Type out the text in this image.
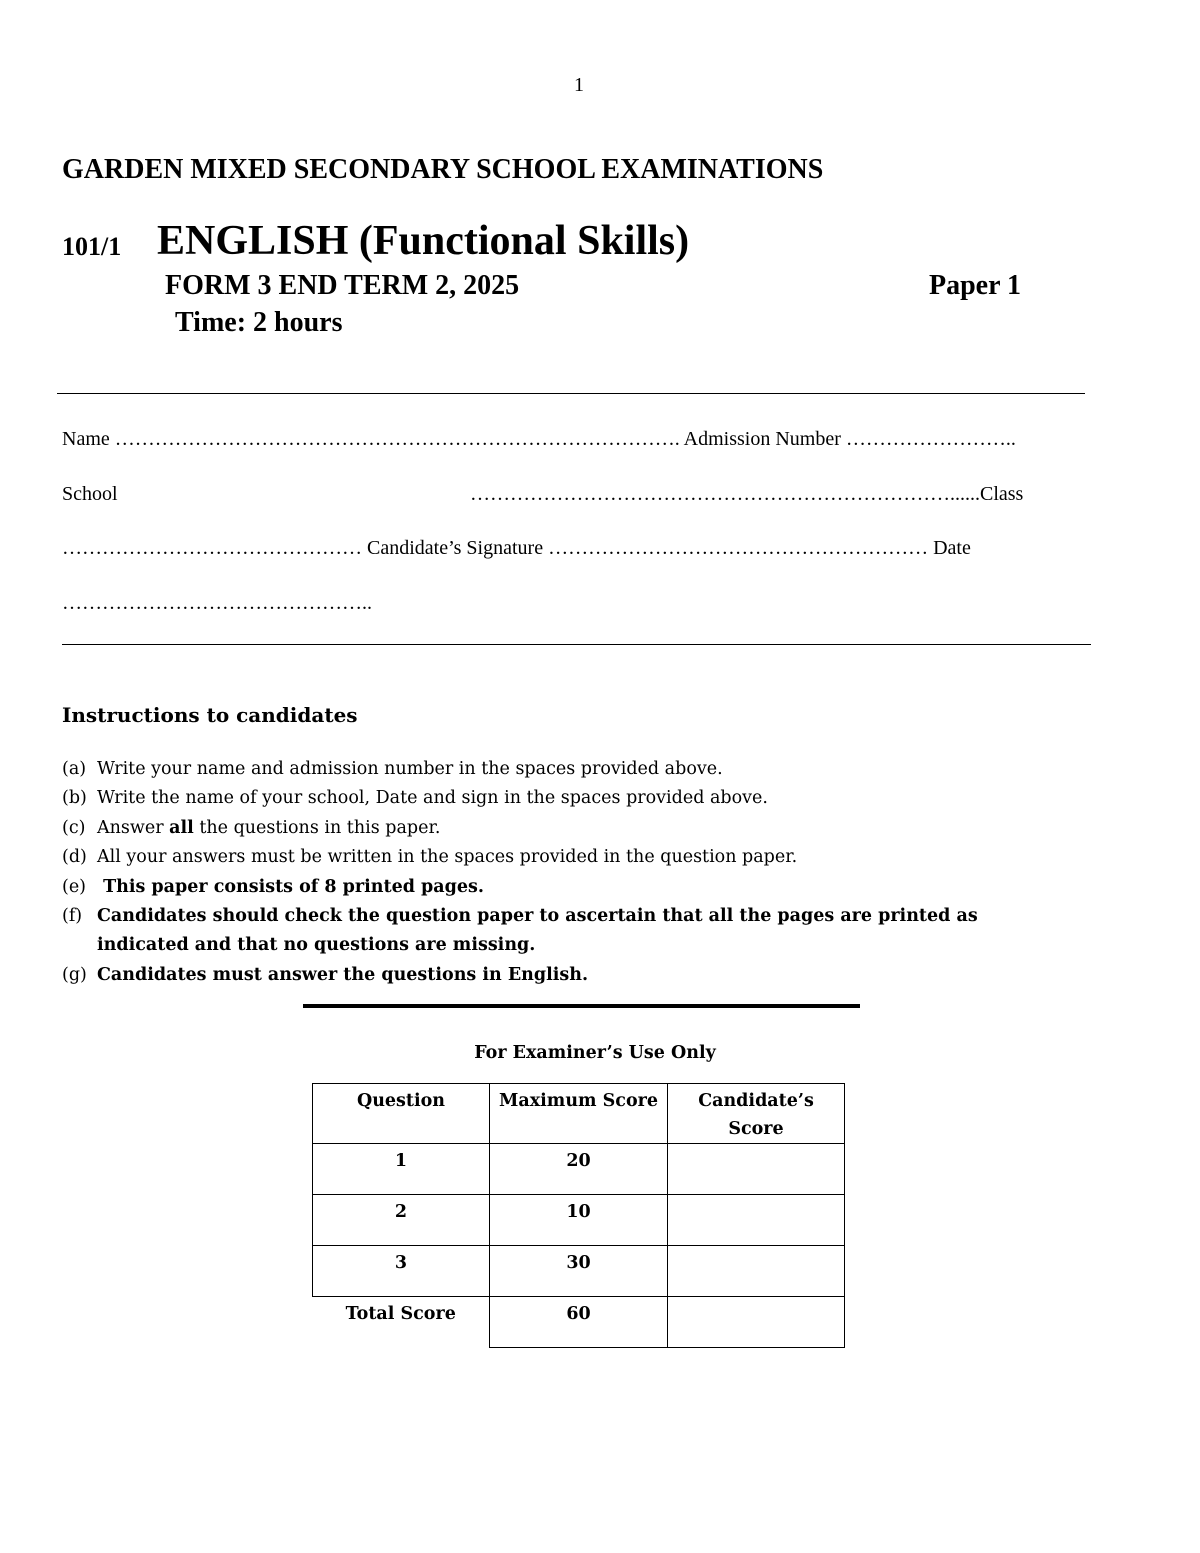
1
GARDEN MIXED SECONDARY SCHOOL EXAMINATIONS
101/1 ENGLISH (Functional Skills)
FORM 3 END TERM 2, 2025	Paper 1
Time: 2 hours
Name …………………………………………………………………………. Admission Number ……………………..
School	………………………………………………………………......Class
……………………………………… Candidate’s Signature ………………………………………………… Date
………………………………………..
Instructions to candidates
(a) Write your name and admission number in the spaces provided above.
(b) Write the name of your school, Date and sign in the spaces provided above.
(c) Answer all the questions in this paper.
(d) All your answers must be written in the spaces provided in the question paper.
(e) This paper consists of 8 printed pages.
(f) Candidates should check the question paper to ascertain that all the pages are printed as indicated and that no questions are missing.
(g) Candidates must answer the questions in English.
For Examiner’s Use Only
Question	Maximum Score	Candidate’s Score
1	20	
2	10	
3	30	
Total Score	60	
